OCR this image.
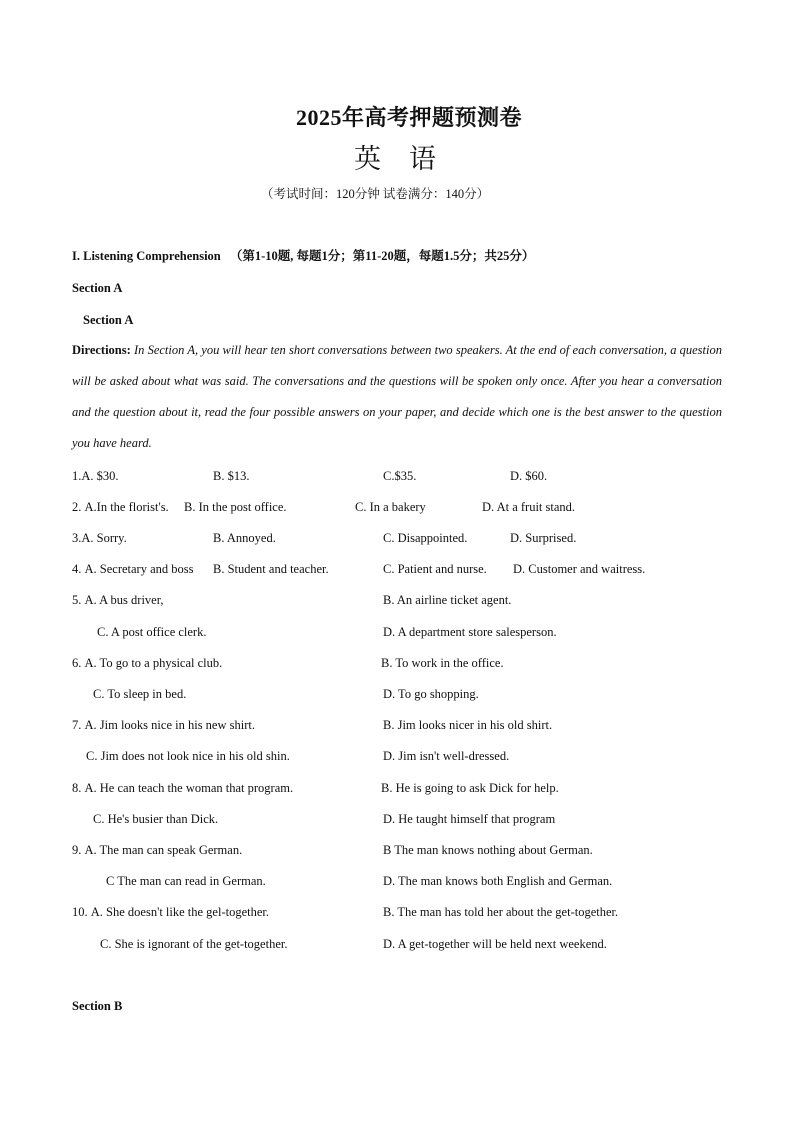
2025年高考押题预测卷
英语
（考试时间：120分钟 试卷满分：140分）
I. Listening Comprehension （第1-10题, 每题1分；第11-20题，每题1.5分；共25分）
Section A
Section A
Directions: In Section A, you will hear ten short conversations between two speakers. At the end of each conversation, a question will be asked about what was said. The conversations and the questions will be spoken only once. After you hear a conversation and the question about it, read the four possible answers on your paper, and decide which one is the best answer to the question you have heard.
1.A. $30.	B. $13.	C.$35.	D. $60.
2. A.In the florist's. B. In the post office.	C. In a bakery	D. At a fruit stand.
3.A. Sorry.	B. Annoyed.	C. Disappointed.	D. Surprised.
4. A. Secretary and boss B. Student and teacher.	C. Patient and nurse. D. Customer and waitress.
5. A. A bus driver,	B. An airline ticket agent.
C. A post office clerk.	D. A department store salesperson.
6. A. To go to a physical club.	B. To work in the office.
C. To sleep in bed.	D. To go shopping.
7. A. Jim looks nice in his new shirt.	B. Jim looks nicer in his old shirt.
C. Jim does not look nice in his old shin.	D. Jim isn't well-dressed.
8. A. He can teach the woman that program.	B. He is going to ask Dick for help.
C. He's busier than Dick.	D. He taught himself that program
9. A. The man can speak German.	B The man knows nothing about German.
C The man can read in German.	D. The man knows both English and German.
10. A. She doesn't like the gel-together.	B. The man has told her about the get-together.
C. She is ignorant of the get-together.	D. A get-together will be held next weekend.
Section B
